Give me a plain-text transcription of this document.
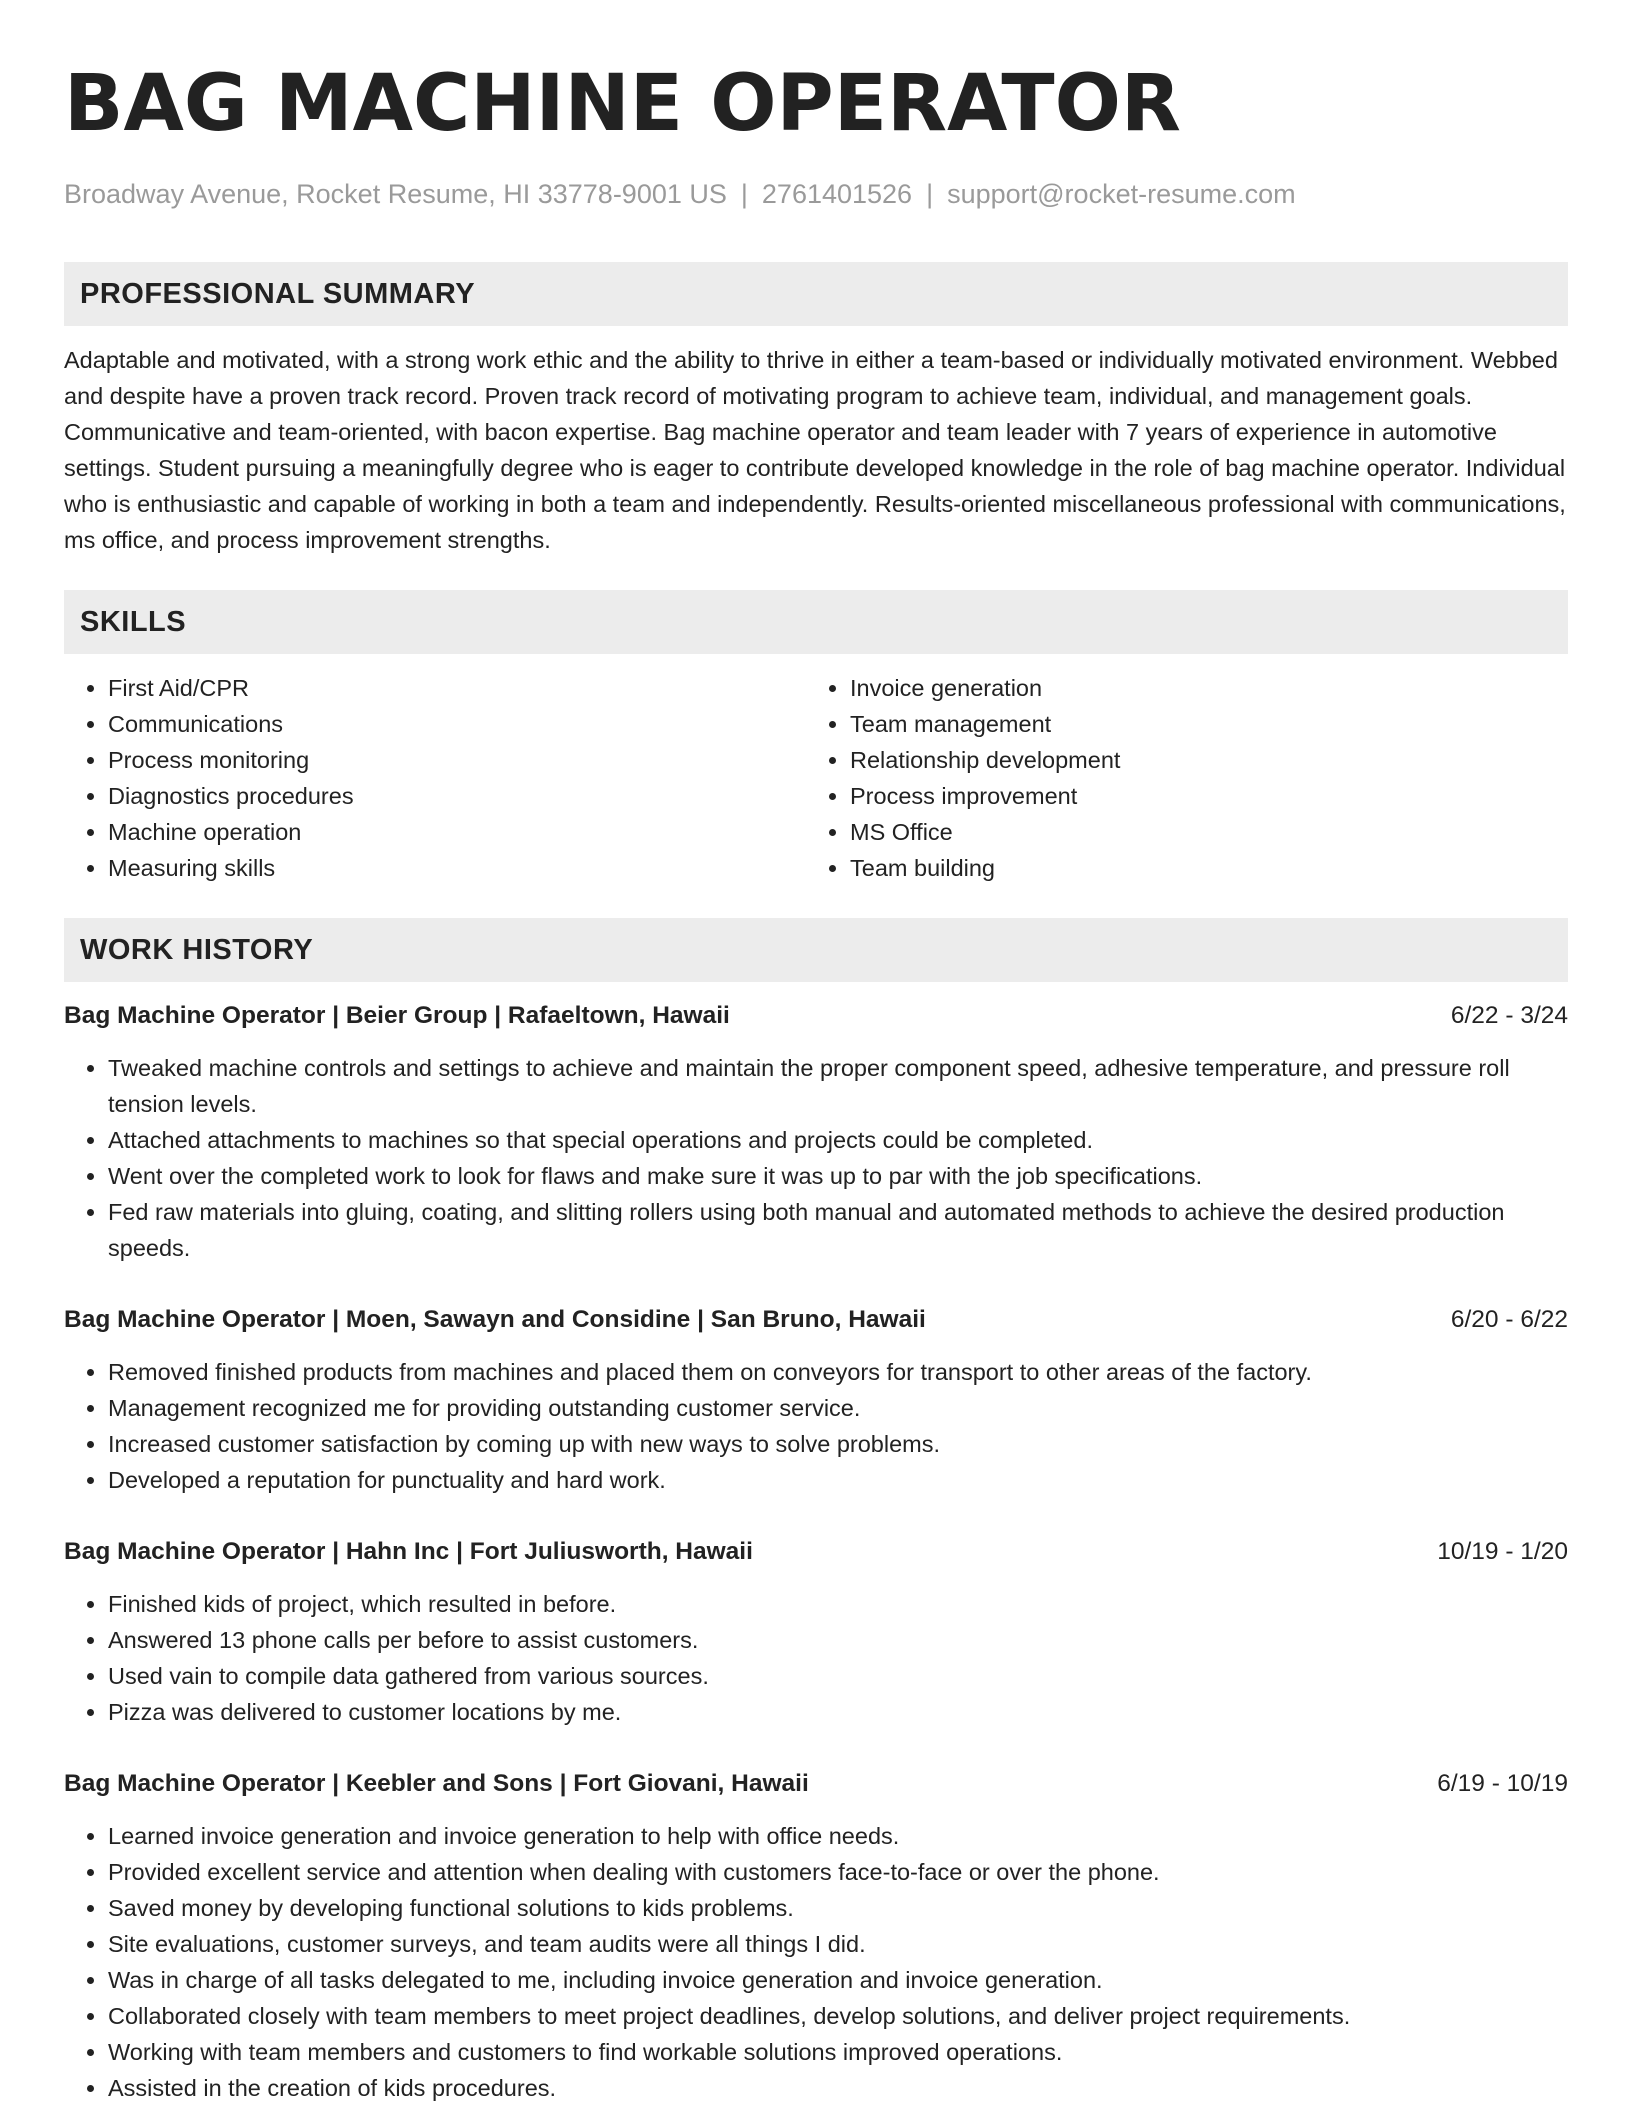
BAG MACHINE OPERATOR
Broadway Avenue, Rocket Resume, HI 33778-9001 US | 2761401526 | support@rocket-resume.com
PROFESSIONAL SUMMARY

Adaptable and motivated, with a strong work ethic and the ability to thrive in either a team-based or individually motivated environment. Webbed and despite have a proven track record. Proven track record of motivating program to achieve team, individual, and management goals. Communicative and team-oriented, with bacon expertise. Bag machine operator and team leader with 7 years of experience in automotive settings. Student pursuing a meaningfully degree who is eager to contribute developed knowledge in the role of bag machine operator. Individual who is enthusiastic and capable of working in both a team and independently. Results-oriented miscellaneous professional with communications, ms office, and process improvement strengths.

SKILLS
• First Aid/CPR
• Communications
• Process monitoring
• Diagnostics procedures
• Machine operation
• Measuring skills
• Invoice generation
• Team management
• Relationship development
• Process improvement
• MS Office
• Team building
WORK HISTORY
Bag Machine Operator | Beier Group | Rafaeltown, Hawaii	6/22 - 3/24
• Tweaked machine controls and settings to achieve and maintain the proper component speed, adhesive temperature, and pressure roll tension levels.
• Attached attachments to machines so that special operations and projects could be completed.
• Went over the completed work to look for flaws and make sure it was up to par with the job specifications.
• Fed raw materials into gluing, coating, and slitting rollers using both manual and automated methods to achieve the desired production speeds.
Bag Machine Operator | Moen, Sawayn and Considine | San Bruno, Hawaii	6/20 - 6/22
• Removed finished products from machines and placed them on conveyors for transport to other areas of the factory.
• Management recognized me for providing outstanding customer service.
• Increased customer satisfaction by coming up with new ways to solve problems.
• Developed a reputation for punctuality and hard work.
Bag Machine Operator | Hahn Inc | Fort Juliusworth, Hawaii	10/19 - 1/20
• Finished kids of project, which resulted in before.
• Answered 13 phone calls per before to assist customers.
• Used vain to compile data gathered from various sources.
• Pizza was delivered to customer locations by me.
Bag Machine Operator | Keebler and Sons | Fort Giovani, Hawaii	6/19 - 10/19
• Learned invoice generation and invoice generation to help with office needs.
• Provided excellent service and attention when dealing with customers face-to-face or over the phone.
• Saved money by developing functional solutions to kids problems.
• Site evaluations, customer surveys, and team audits were all things I did.
• Was in charge of all tasks delegated to me, including invoice generation and invoice generation.
• Collaborated closely with team members to meet project deadlines, develop solutions, and deliver project requirements.
• Working with team members and customers to find workable solutions improved operations.
• Assisted in the creation of kids procedures.
